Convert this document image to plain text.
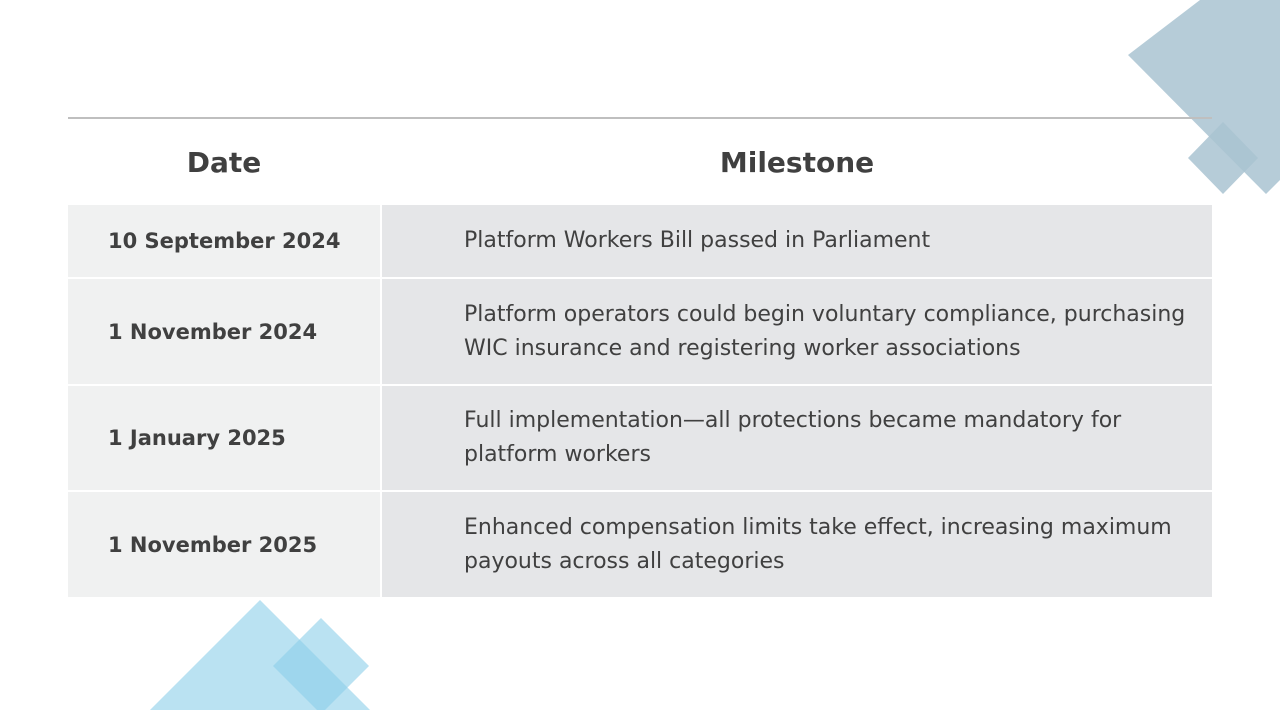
Date	Milestone
10 September 2024	Platform Workers Bill passed in Parliament
1 November 2024
Platform operators could begin voluntary compliance, purchasing WIC insurance and registering worker associations
1 January 2025
Full implementation—all protections became mandatory for platform workers
1 November 2025
Enhanced compensation limits take effect, increasing maximum payouts across all categories
